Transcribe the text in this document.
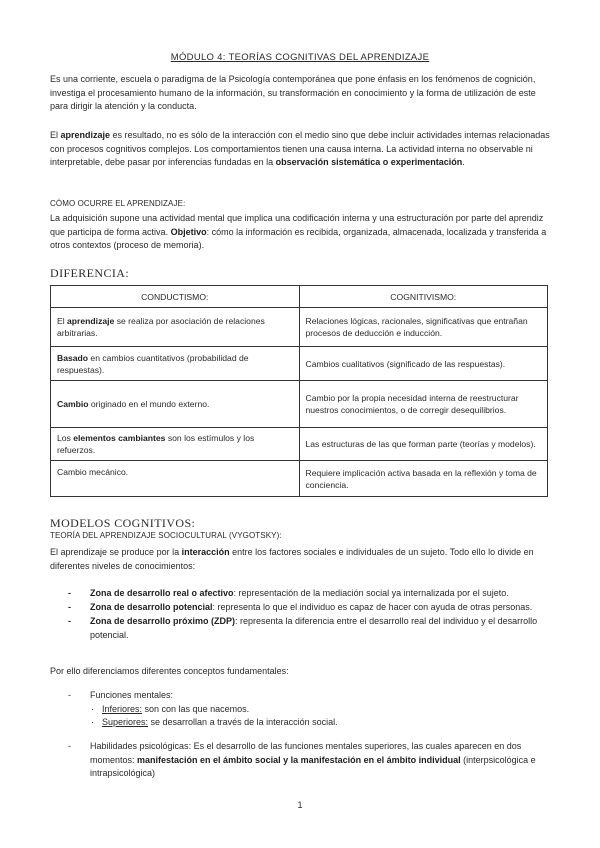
MÓDULO 4: TEORÍAS COGNITIVAS DEL APRENDIZAJE

Es una corriente, escuela o paradigma de la Psicología contemporánea que pone énfasis en los fenómenos de cognición, investiga el procesamiento humano de la información, su transformación en conocimiento y la forma de utilización de este para dirigir la atención y la conducta.

El aprendizaje es resultado, no es sólo de la interacción con el medio sino que debe incluir actividades internas relacionadas con procesos cognitivos complejos. Los comportamientos tienen una causa interna. La actividad interna no observable ni interpretable, debe pasar por inferencias fundadas en la observación sistemática o experimentación.

CÓMO OCURRE EL APRENDIZAJE:

La adquisición supone una actividad mental que implica una codificación interna y una estructuración por parte del aprendiz que participa de forma activa. Objetivo: cómo la información es recibida, organizada, almacenada, localizada y transferida a otros contextos (proceso de memoria).

DIFERENCIA:
CONDUCTISMO:	COGNITIVISMO:
El aprendizaje se realiza por asociación de relaciones arbitrarias.	Relaciones lógicas, racionales, significativas que entrañan procesos de deducción e inducción.
Basado en cambios cuantitativos (probabilidad de respuestas).	Cambios cualitativos (significado de las respuestas).
Cambio originado en el mundo externo.	Cambio por la propia necesidad interna de reestructurar nuestros conocimientos, o de corregir desequilibrios.
Los elementos cambiantes son los estímulos y los refuerzos.	Las estructuras de las que forman parte (teorías y modelos).
Cambio mecánico.	Requiere implicación activa basada en la reflexión y toma de conciencia.
MODELOS COGNITIVOS:
TEORÍA DEL APRENDIZAJE SOCIOCULTURAL (VYGOTSKY):

El aprendizaje se produce por la interacción entre los factores sociales e individuales de un sujeto. Todo ello lo divide en diferentes niveles de conocimientos:

- Zona de desarrollo real o afectivo: representación de la mediación social ya internalizada por el sujeto.
- Zona de desarrollo potencial: representa lo que el individuo es capaz de hacer con ayuda de otras personas.
- Zona de desarrollo próximo (ZDP): representa la diferencia entre el desarrollo real del individuo y el desarrollo potencial.

Por ello diferenciamos diferentes conceptos fundamentales:

- Funciones mentales:
· Inferiores: son con las que nacemos.
· Superiores: se desarrollan a través de la interacción social.
- Habilidades psicológicas: Es el desarrollo de las funciones mentales superiores, las cuales aparecen en dos momentos: manifestación en el ámbito social y la manifestación en el ámbito individual (interpsicológica e intrapsicológica)
1
